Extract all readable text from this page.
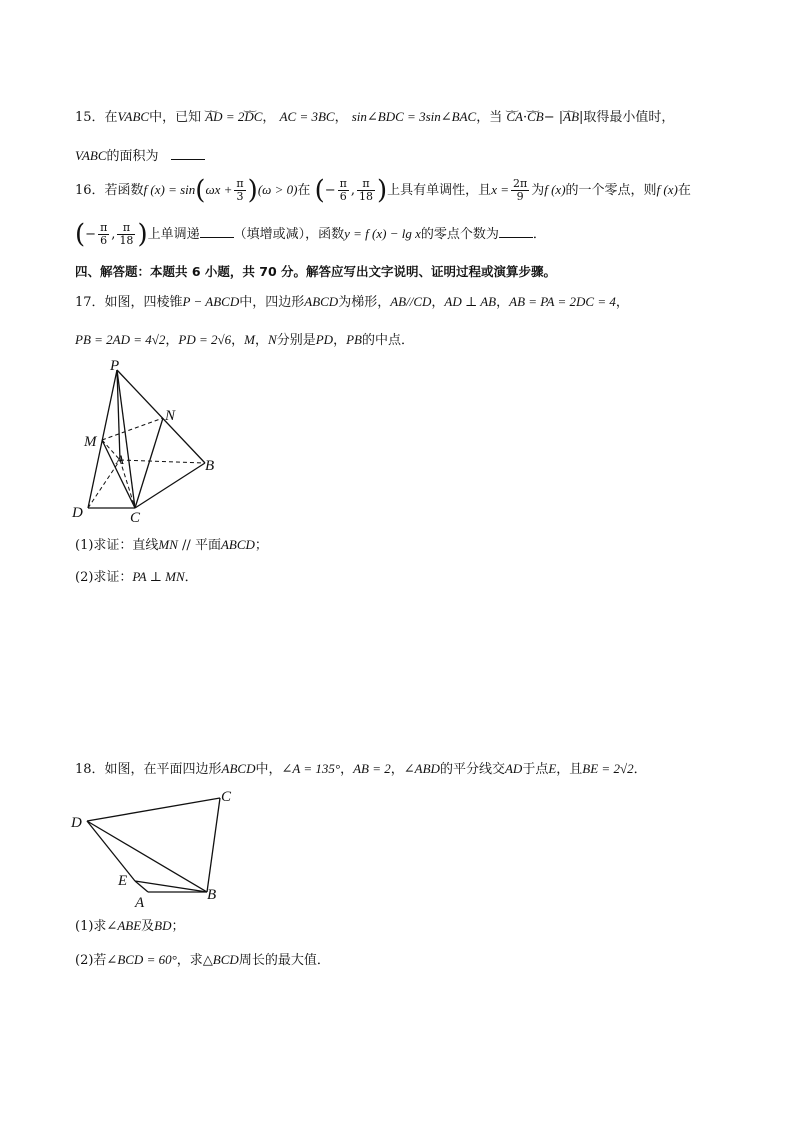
15．在VABC中，已知 ‿‿ AD = 2‿‿ DC， AC = 3BC， sin∠BDC = 3sin∠BAC，当 ‿‿ CA·‿‿ CB− |‿‿ AB|取得最小值时，
VABC的面积为
16．若函数f $(x) = \sin(\omega x + \frac{\pi}{3} )(\omega > 0)$在 (− $\frac{\pi}{6}$ , $\frac{\pi}{18}$ )上具有单调性，且$x = \frac{2\pi}{9}$ 为f (x)的一个零点，则f (x)在
(− $\frac{\pi}{6}$ , $\frac{\pi}{18}$ )上单调递	（填增或减），函数y = f (x) − lg x的零点个数为	．
四、解答题：本题共 6 小题，共 70 分。解答应写出文字说明、证明过程或演算步骤。
17．如图，四棱锥P − ABCD中，四边形ABCD为梯形，AB//CD，AD ⊥ AB，AB = PA = 2DC = 4，
PB = 2AD = 4√2，PD = 2√6，M，N分别是PD，PB的中点．
P
N
M
A	B
D	C
(1)求证：直线MN // 平面ABCD；
(2)求证：PA ⊥ MN．
18．如图，在平面四边形ABCD中，∠A = 135°，AB = 2，∠ABD的平分线交AD于点E，且BE = 2√2．
C
D
E
A	B
(1)求∠ABE及BD；
(2)若∠BCD = 60°，求△BCD周长的最大值．
